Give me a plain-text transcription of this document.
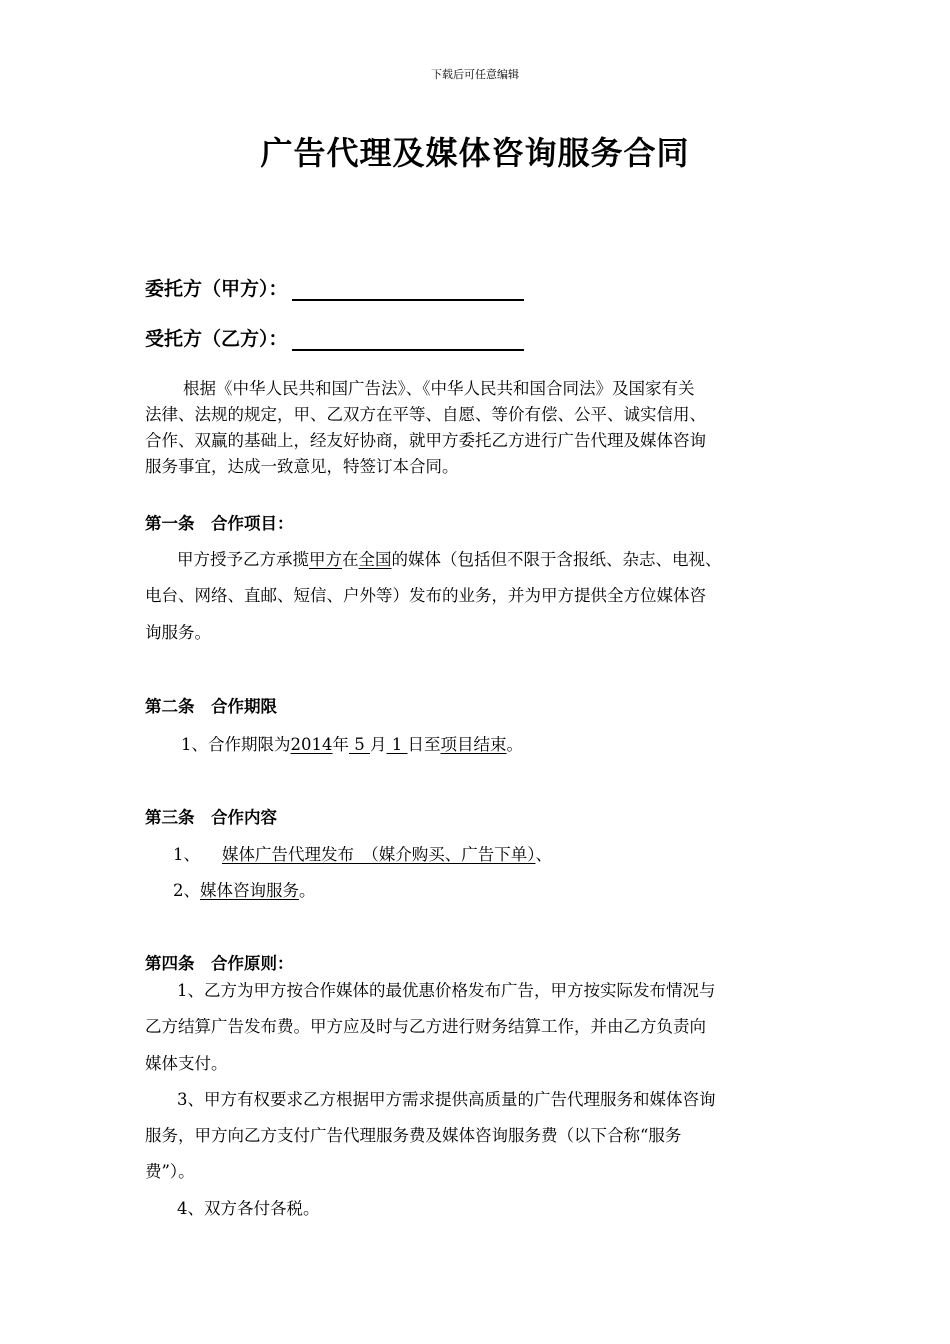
下载后可任意编辑
广告代理及媒体咨询服务合同
委托方（甲方）：
受托方（乙方）：
根据《中华人民共和国广告法》、《中华人民共和国合同法》及国家有关
法律、法规的规定，甲、乙双方在平等、自愿、等价有偿、公平、诚实信用、
合作、双赢的基础上，经友好协商，就甲方委托乙方进行广告代理及媒体咨询
服务事宜，达成一致意见，特签订本合同。
第一条　合作项目：
甲方授予乙方承揽甲方在全国的媒体（包括但不限于含报纸、杂志、电视、
电台、网络、直邮、短信、户外等）发布的业务，并为甲方提供全方位媒体咨
询服务。
第二条　合作期限
1、合作期限为2014年 5 月 1 日至项目结束。
第三条　合作内容
1、 媒体广告代理发布　（媒介购买、广告下单）、
2、媒体咨询服务。
第四条　合作原则：
1、乙方为甲方按合作媒体的最优惠价格发布广告，甲方按实际发布情况与
乙方结算广告发布费。甲方应及时与乙方进行财务结算工作，并由乙方负责向
媒体支付。
3、甲方有权要求乙方根据甲方需求提供高质量的广告代理服务和媒体咨询
服务，甲方向乙方支付广告代理服务费及媒体咨询服务费（以下合称“服务
费”）。
4、双方各付各税。
